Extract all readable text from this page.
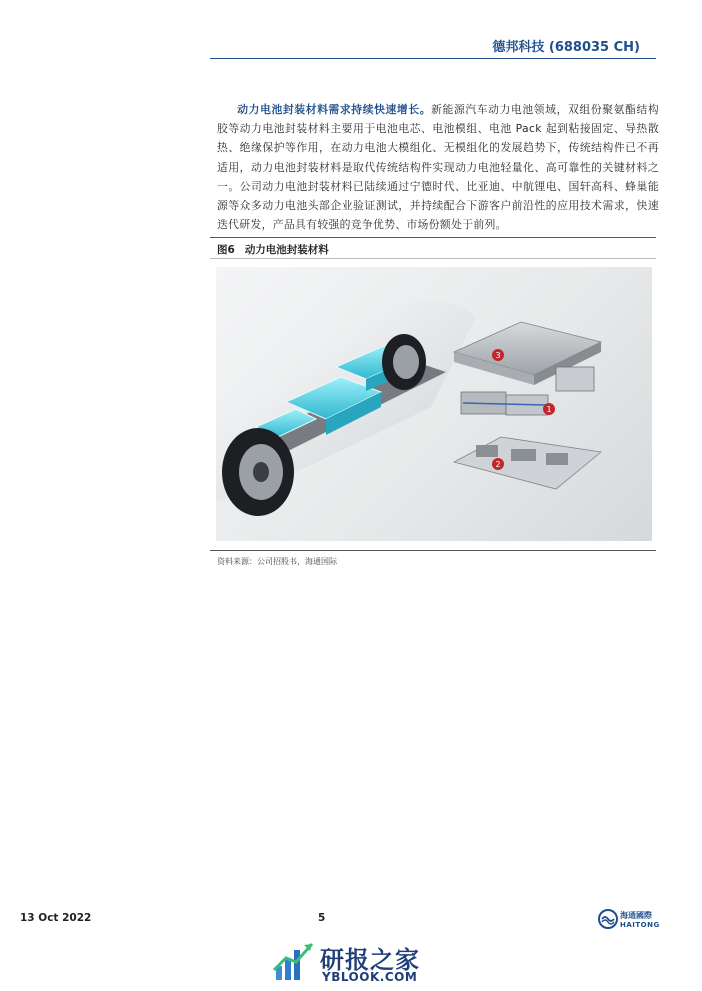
德邦科技 (688035 CH)
动力电池封装材料需求持续快速增长。新能源汽车动力电池领域，双组份聚氨酯结构胶等动力电池封装材料主要用于电池电芯、电池模组、电池 Pack 起到粘接固定、导热散热、绝缘保护等作用，在动力电池大模组化、无模组化的发展趋势下，传统结构件已不再适用，动力电池封装材料是取代传统结构件实现动力电池轻量化、高可靠性的关键材料之一。公司动力电池封装材料已陆续通过宁德时代、比亚迪、中航锂电、国轩高科、蜂巢能源等众多动力电池头部企业验证测试，并持续配合下游客户前沿性的应用技术需求，快速迭代研发，产品具有较强的竞争优势、市场份额处于前列。
图6 动力电池封装材料
3
1
2
资料来源：公司招股书，海通国际
13 Oct 2022	5	海通國際
HAITONG
研报之家
YBLOOK.COM
